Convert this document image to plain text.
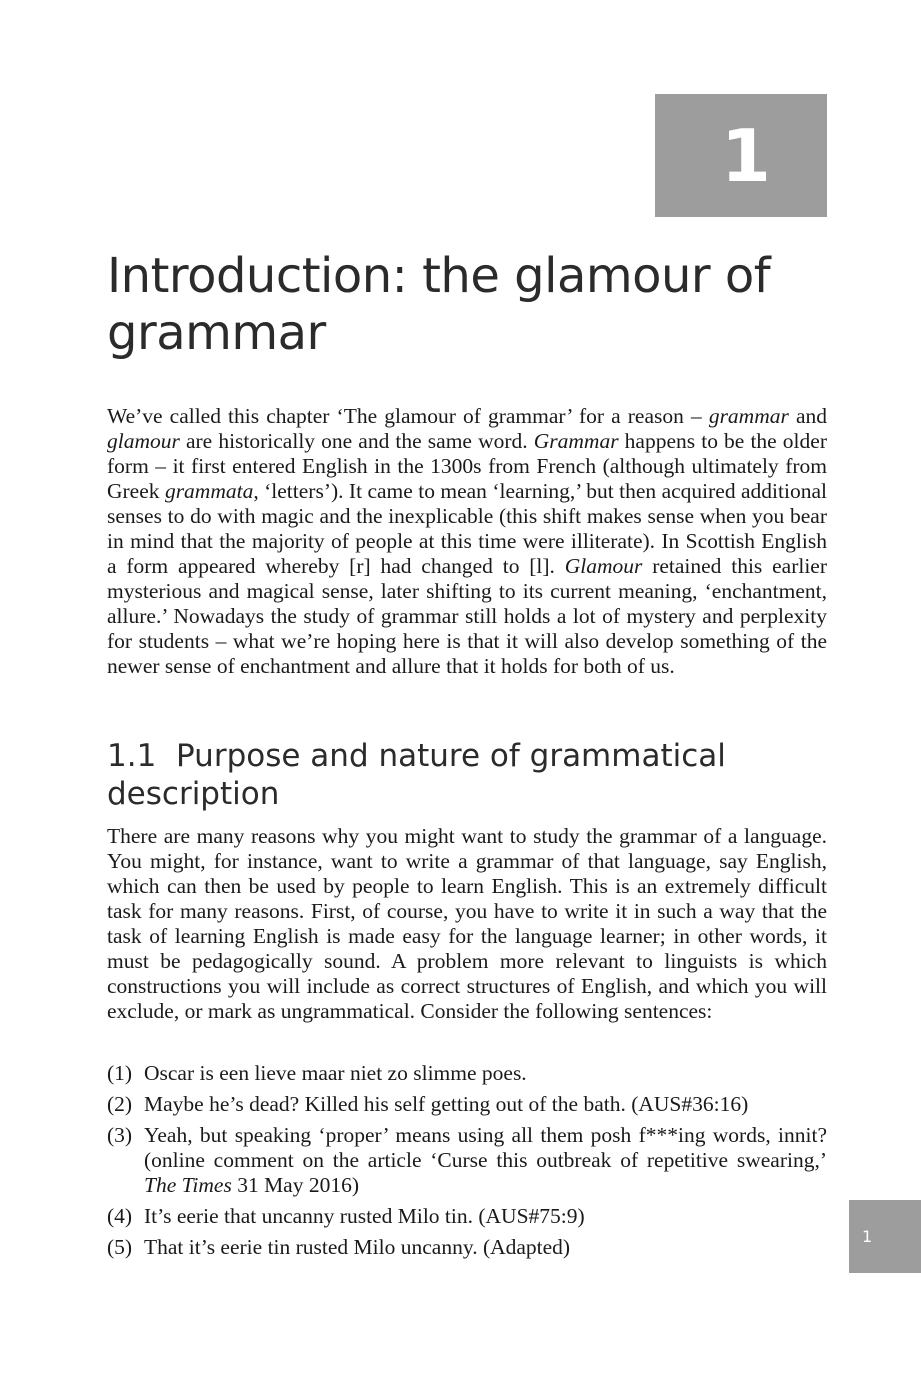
1
Introduction: the glamour of grammar

We’ve called this chapter ‘The glamour of grammar’ for a reason – grammar and glamour are historically one and the same word. Grammar happens to be the older form – it first entered English in the 1300s from French (although ultimately from Greek grammata, ‘letters’). It came to mean ‘learning,’ but then acquired additional senses to do with magic and the inexplicable (this shift makes sense when you bear in mind that the majority of people at this time were illiterate). In Scottish English a form appeared whereby [r] had changed to [l]. Glamour retained this earlier mysterious and magical sense, later shifting to its current meaning, ‘enchantment, allure.’ Nowadays the study of grammar still holds a lot of mystery and perplexity for students – what we’re hoping here is that it will also develop something of the newer sense of enchantment and allure that it holds for both of us.

1.1 Purpose and nature of grammatical description

There are many reasons why you might want to study the grammar of a language. You might, for instance, want to write a grammar of that language, say English, which can then be used by people to learn English. This is an extremely difficult task for many reasons. First, of course, you have to write it in such a way that the task of learning English is made easy for the language learner; in other words, it must be pedagogically sound. A problem more relevant to linguists is which constructions you will include as correct structures of English, and which you will exclude, or mark as ungrammatical. Consider the following sentences:

(1) Oscar is een lieve maar niet zo slimme poes.
(2) Maybe he’s dead? Killed his self getting out of the bath. (AUS#36:16)
(3) Yeah, but speaking ‘proper’ means using all them posh f***ing words, innit? (online comment on the article ‘Curse this outbreak of repetitive swearing,’ The Times 31 May 2016)
(4) It’s eerie that uncanny rusted Milo tin. (AUS#75:9)
(5) That it’s eerie tin rusted Milo uncanny. (Adapted)	1
